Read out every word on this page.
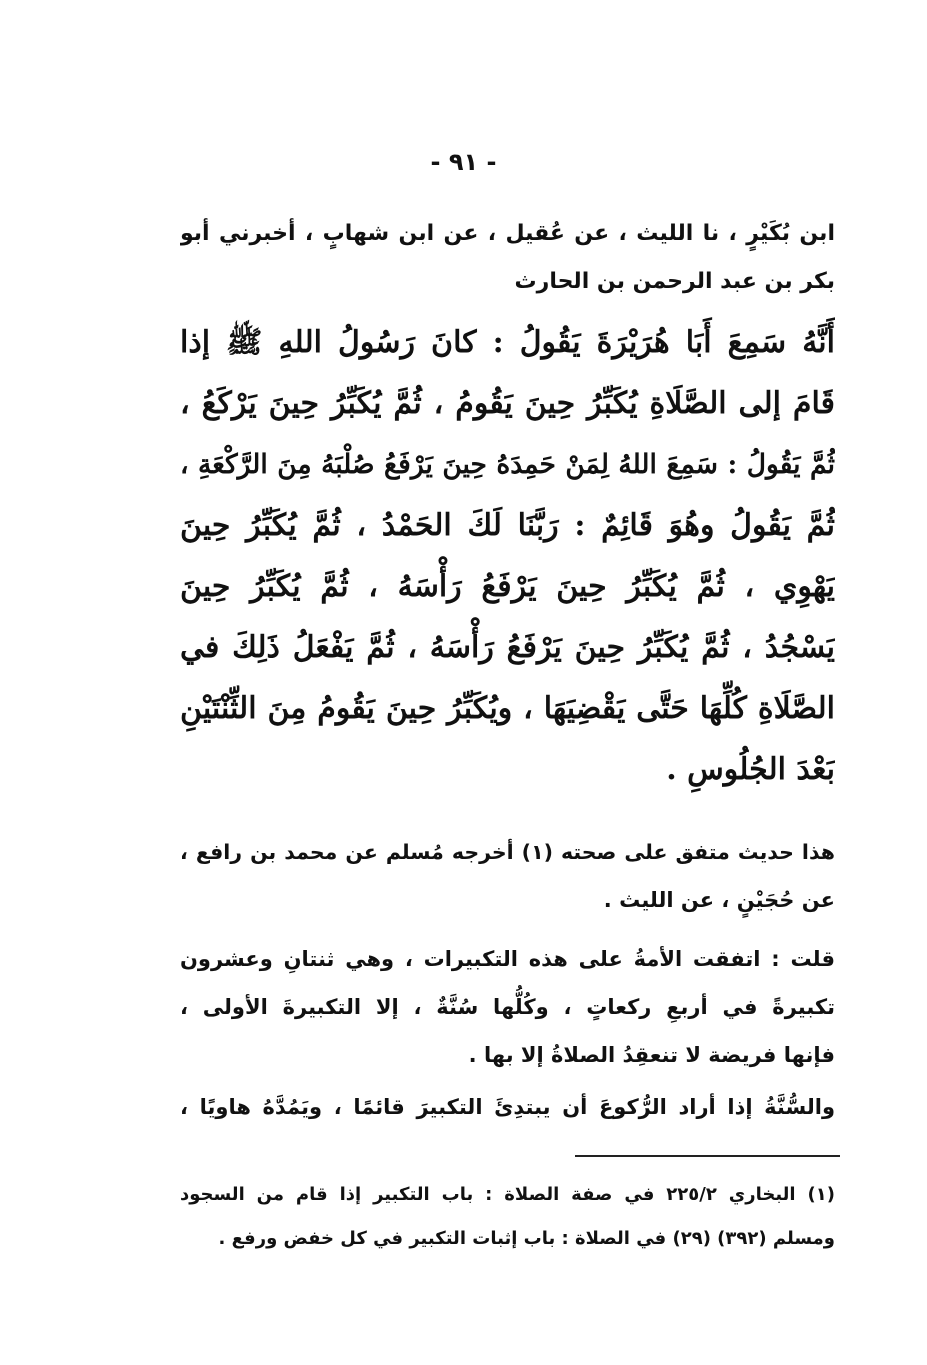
- ٩١ -
ابن بُكَيْرٍ ، نا الليث ، عن عُقيل ، عن ابن شهابٍ ، أخبرني أبو
بكر بن عبد الرحمن بن الحارث
أَنَّهُ سَمِعَ أَبَا هُرَيْرَةَ يَقُولُ : كانَ رَسُولُ اللهِ ﷺ إذا
قَامَ إلى الصَّلَاةِ يُكَبِّرُ حِينَ يَقُومُ ، ثُمَّ يُكَبِّرُ حِينَ يَرْكَعُ ،
ثُمَّ يَقُولُ : سَمِعَ اللهُ لِمَنْ حَمِدَهُ حِينَ يَرْفَعُ صُلْبَهُ مِنَ الرَّكْعَةِ ،
ثُمَّ يَقُولُ وهُوَ قَائِمٌ : رَبَّنَا لَكَ الحَمْدُ ، ثُمَّ يُكَبِّرُ حِينَ
يَهْوِي ، ثُمَّ يُكَبِّرُ حِينَ يَرْفَعُ رَأْسَهُ ، ثُمَّ يُكَبِّرُ حِينَ
يَسْجُدُ ، ثُمَّ يُكَبِّرُ حِينَ يَرْفَعُ رَأْسَهُ ، ثُمَّ يَفْعَلُ ذَلِكَ في
الصَّلَاةِ كُلِّهَا حَتَّى يَقْضِيَهَا ، ويُكَبِّرُ حِينَ يَقُومُ مِنَ الثِّنْتَيْنِ
بَعْدَ الجُلُوسِ .
هذا حديث متفق على صحته (١) أخرجه مُسلم عن محمد بن رافع ،
عن حُجَيْنٍ ، عن الليث .
قلت : اتفقت الأمةُ على هذه التكبيرات ، وهي ثنتانِ وعشرون
تكبيرةً في أربعِ ركعاتٍ ، وكُلُّها سُنَّةٌ ، إلا التكبيرةَ الأولى ،
فإنها فريضة لا تنعقِدُ الصلاةُ إلا بها .
والسُّنَّةُ إذا أراد الرُّكوعَ أن يبتدِئَ التكبيرَ قائمًا ، ويَمُدَّهُ هاويًا ،
(١) البخاري ٢٢٥/٢ في صفة الصلاة : باب التكبير إذا قام من السجود
ومسلم (٣٩٢) (٢٩) في الصلاة : باب إثبات التكبير في كل خفض ورفع .
